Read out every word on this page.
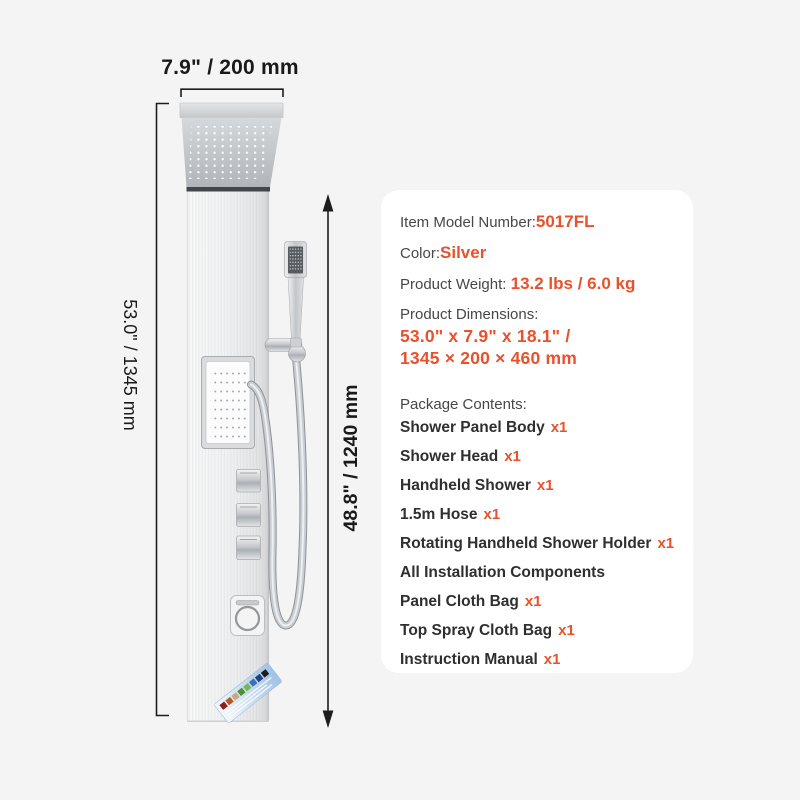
7.9" / 200 mm
53.0" / 1345 mm
48.8" / 1240 mm

Item Model Number:5017FL

Color:Silver

Product Weight: 13.2 lbs / 6.0 kg

Product Dimensions:

53.0" x 7.9" x 18.1" /

1345 × 200 × 460 mm

Package Contents:

Shower Panel Body x1
Shower Head x1
Handheld Shower x1
1.5m Hose x1
Rotating Handheld Shower Holder x1
All Installation Components
Panel Cloth Bag x1
Top Spray Cloth Bag x1
Instruction Manual x1
